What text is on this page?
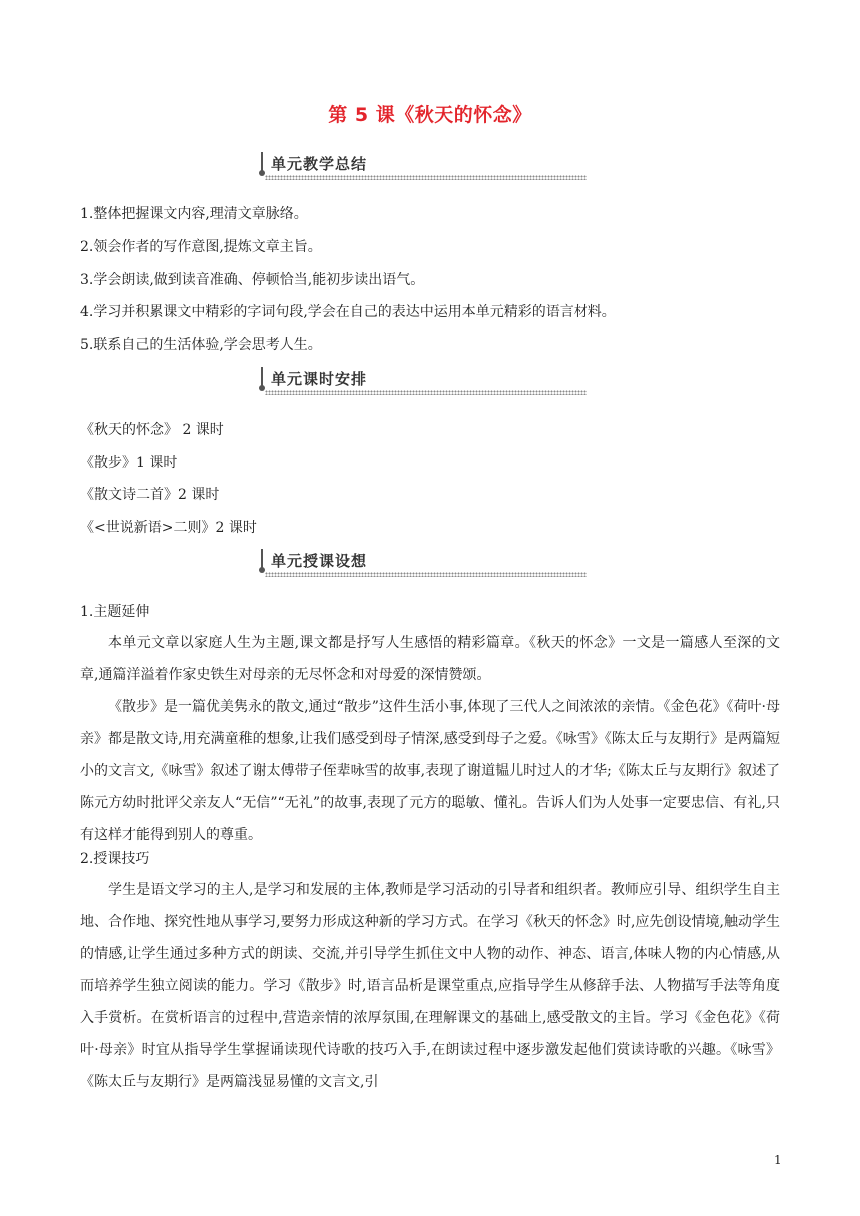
第 5 课《秋天的怀念》
单元教学总结
1.整体把握课文内容,理清文章脉络。
2.领会作者的写作意图,提炼文章主旨。
3.学会朗读,做到读音准确、停顿恰当,能初步读出语气。
4.学习并积累课文中精彩的字词句段,学会在自己的表达中运用本单元精彩的语言材料。
5.联系自己的生活体验,学会思考人生。
单元课时安排
《秋天的怀念》 2 课时
《散步》1 课时
《散文诗二首》2 课时
《<世说新语>二则》2 课时
单元授课设想
1.主题延伸
本单元文章以家庭人生为主题,课文都是抒写人生感悟的精彩篇章。《秋天的怀念》一文是一篇感人至深的文章,通篇洋溢着作家史铁生对母亲的无尽怀念和对母爱的深情赞颂。
《散步》是一篇优美隽永的散文,通过“散步”这件生活小事,体现了三代人之间浓浓的亲情。《金色花》《荷叶·母亲》都是散文诗,用充满童稚的想象,让我们感受到母子情深,感受到母子之爱。《咏雪》《陈太丘与友期行》是两篇短小的文言文,《咏雪》叙述了谢太傅带子侄辈咏雪的故事,表现了谢道韫儿时过人的才华;《陈太丘与友期行》叙述了陈元方幼时批评父亲友人“无信”“无礼”的故事,表现了元方的聪敏、懂礼。告诉人们为人处事一定要忠信、有礼,只有这样才能得到别人的尊重。
2.授课技巧
学生是语文学习的主人,是学习和发展的主体,教师是学习活动的引导者和组织者。教师应引导、组织学生自主地、合作地、探究性地从事学习,要努力形成这种新的学习方式。在学习《秋天的怀念》时,应先创设情境,触动学生的情感,让学生通过多种方式的朗读、交流,并引导学生抓住文中人物的动作、神态、语言,体味人物的内心情感,从而培养学生独立阅读的能力。学习《散步》时,语言品析是课堂重点,应指导学生从修辞手法、人物描写手法等角度入手赏析。在赏析语言的过程中,营造亲情的浓厚氛围,在理解课文的基础上,感受散文的主旨。学习《金色花》《荷叶·母亲》时宜从指导学生掌握诵读现代诗歌的技巧入手,在朗读过程中逐步激发起他们赏读诗歌的兴趣。《咏雪》《陈太丘与友期行》是两篇浅显易懂的文言文,引
1
